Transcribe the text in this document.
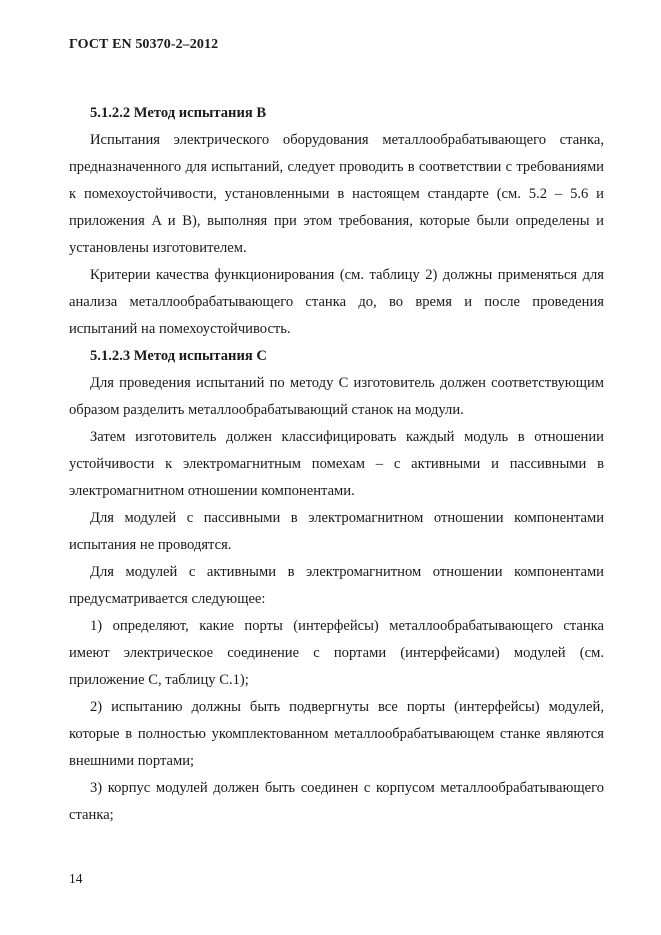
ГОСТ EN 50370-2–2012

5.1.2.2 Метод испытания B

Испытания электрического оборудования металлообрабатывающего станка, предназначенного для испытаний, следует проводить в соответствии с требованиями к помехоустойчивости, установленными в настоящем стандарте (см. 5.2 – 5.6 и приложения A и B), выполняя при этом требования, которые были определены и установлены изготовителем.

Критерии качества функционирования (см. таблицу 2) должны применяться для анализа металлообрабатывающего станка до, во время и после проведения испытаний на помехоустойчивость.

5.1.2.3 Метод испытания C

Для проведения испытаний по методу C изготовитель должен соответствующим образом разделить металлообрабатывающий станок на модули.

Затем изготовитель должен классифицировать каждый модуль в отношении устойчивости к электромагнитным помехам – с активными и пассивными в электромагнитном отношении компонентами.

Для модулей с пассивными в электромагнитном отношении компонентами испытания не проводятся.

Для модулей с активными в электромагнитном отношении компонентами предусматривается следующее:

1) определяют, какие порты (интерфейсы) металлообрабатывающего станка имеют электрическое соединение с портами (интерфейсами) модулей (см. приложение C, таблицу C.1);

2) испытанию должны быть подвергнуты все порты (интерфейсы) модулей, которые в полностью укомплектованном металлообрабатывающем станке являются внешними портами;

3) корпус модулей должен быть соединен с корпусом металлообрабатывающего станка;

14
